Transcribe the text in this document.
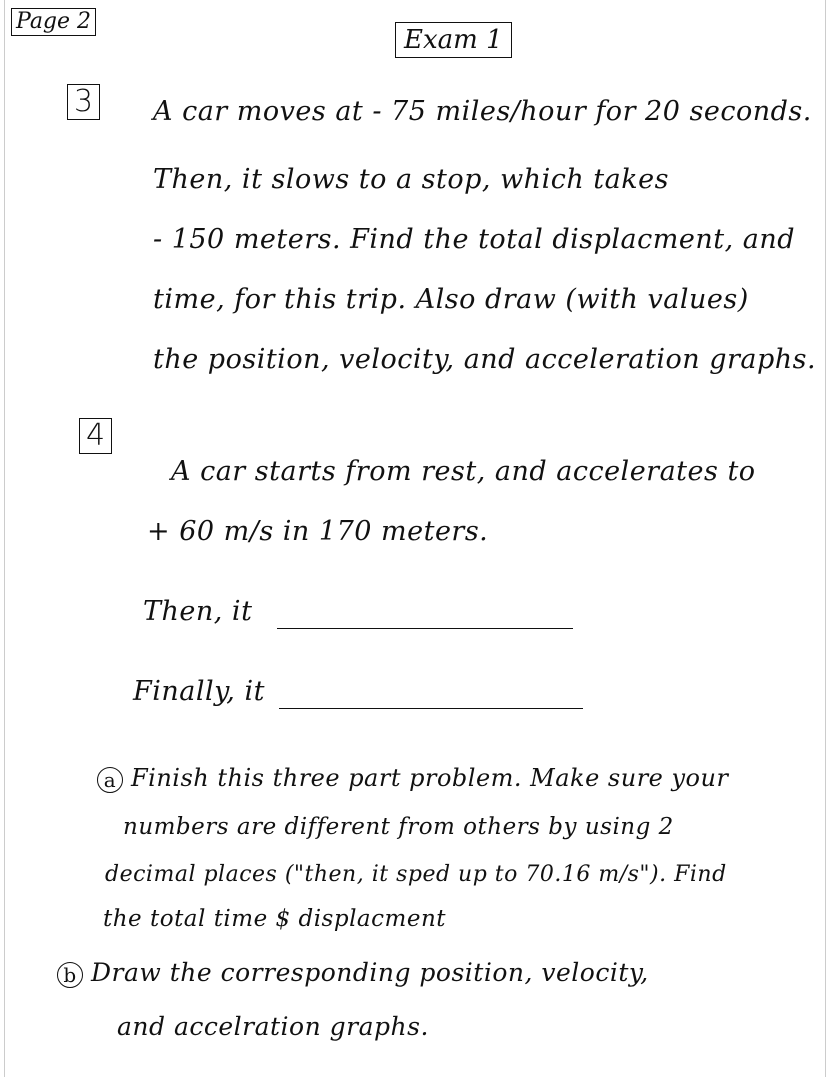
Page 2
Exam 1
3 A car moves at - 75 miles/hour for 20 seconds.
Then, it slows to a stop, which takes
- 150 meters. Find the total displacment, and
time, for this trip. Also draw (with values)
the position, velocity, and acceleration graphs.
4
A car starts from rest, and accelerates to
+ 60 m/s in 170 meters.
Then, it
Finally, it
a Finish this three part problem. Make sure your
numbers are different from others by using 2
decimal places ("then, it sped up to 70.16 m/s"). Find
the total time $ displacment
b Draw the corresponding position, velocity,
and accelration graphs.
